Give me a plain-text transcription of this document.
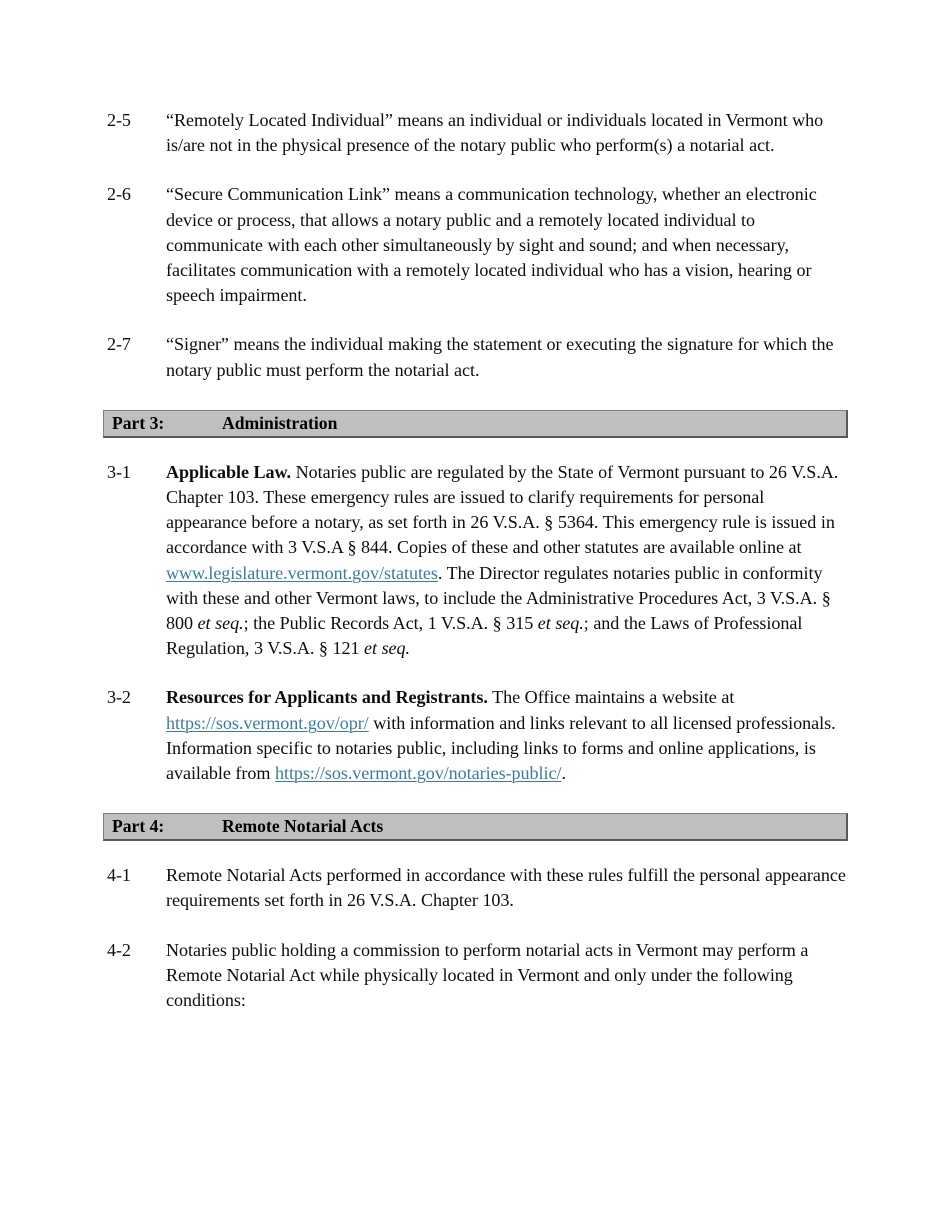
2-5	“Remotely Located Individual” means an individual or individuals located in Vermont who is/are not in the physical presence of the notary public who perform(s) a notarial act.
2-6	“Secure Communication Link” means a communication technology, whether an electronic device or process, that allows a notary public and a remotely located individual to communicate with each other simultaneously by sight and sound; and when necessary, facilitates communication with a remotely located individual who has a vision, hearing or speech impairment.
2-7	“Signer” means the individual making the statement or executing the signature for which the notary public must perform the notarial act.
Part 3:	Administration
3-1	Applicable Law. Notaries public are regulated by the State of Vermont pursuant to 26 V.S.A. Chapter 103. These emergency rules are issued to clarify requirements for personal appearance before a notary, as set forth in 26 V.S.A. § 5364. This emergency rule is issued in accordance with 3 V.S.A § 844. Copies of these and other statutes are available online at www.legislature.vermont.gov/statutes. The Director regulates notaries public in conformity with these and other Vermont laws, to include the Administrative Procedures Act, 3 V.S.A. § 800 et seq.; the Public Records Act, 1 V.S.A. § 315 et seq.; and the Laws of Professional Regulation, 3 V.S.A. § 121 et seq.
3-2	Resources for Applicants and Registrants. The Office maintains a website at https://sos.vermont.gov/opr/ with information and links relevant to all licensed professionals. Information specific to notaries public, including links to forms and online applications, is available from https://sos.vermont.gov/notaries-public/.
Part 4:	Remote Notarial Acts
4-1	Remote Notarial Acts performed in accordance with these rules fulfill the personal appearance requirements set forth in 26 V.S.A. Chapter 103.
4-2	Notaries public holding a commission to perform notarial acts in Vermont may perform a Remote Notarial Act while physically located in Vermont and only under the following conditions:
